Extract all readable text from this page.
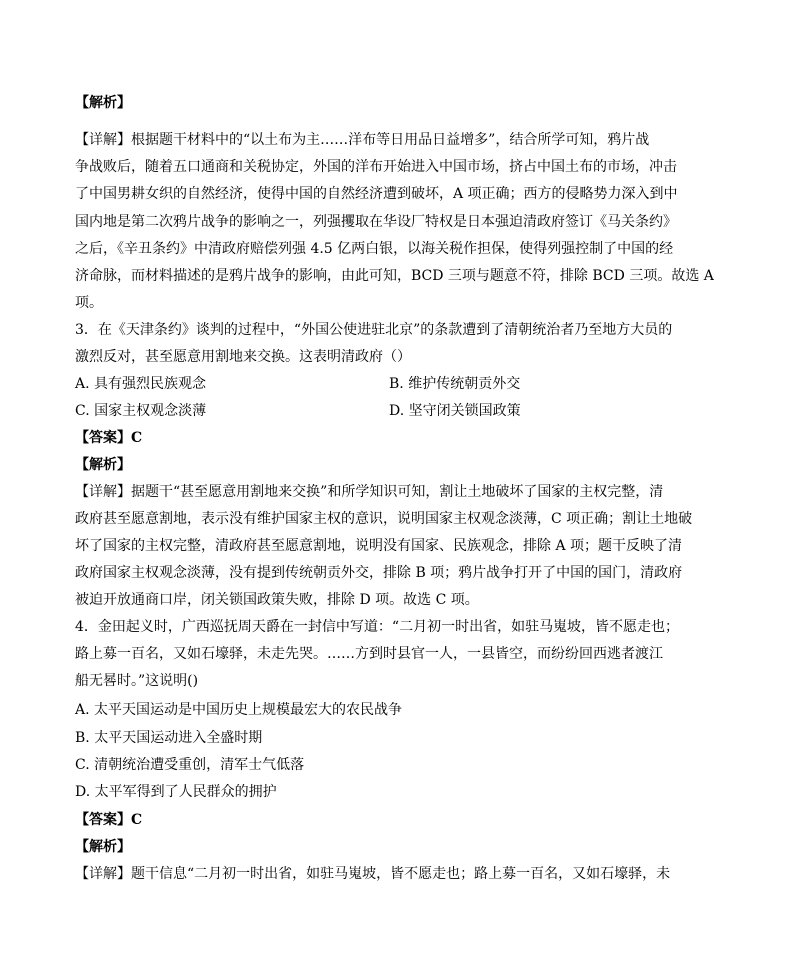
【解析】
【详解】根据题干材料中的“以土布为主……洋布等日用品日益增多”，结合所学可知，鸦片战
争战败后，随着五口通商和关税协定，外国的洋布开始进入中国市场，挤占中国土布的市场，冲击
了中国男耕女织的自然经济，使得中国的自然经济遭到破坏，A 项正确；西方的侵略势力深入到中
国内地是第二次鸦片战争的影响之一，列强攫取在华设厂特权是日本强迫清政府签订《马关条约》
之后，《辛丑条约》中清政府赔偿列强 4.5 亿两白银，以海关税作担保，使得列强控制了中国的经
济命脉，而材料描述的是鸦片战争的影响，由此可知，BCD 三项与题意不符，排除 BCD 三项。故选 A
项。
3．在《天津条约》谈判的过程中，“外国公使进驻北京”的条款遭到了清朝统治者乃至地方大员的
激烈反对，甚至愿意用割地来交换。这表明清政府（）
A. 具有强烈民族观念	B. 维护传统朝贡外交
C. 国家主权观念淡薄	D. 坚守闭关锁国政策
【答案】C
【解析】
【详解】据题干“甚至愿意用割地来交换”和所学知识可知，割让土地破坏了国家的主权完整，清
政府甚至愿意割地，表示没有维护国家主权的意识，说明国家主权观念淡薄，C 项正确；割让土地破
坏了国家的主权完整，清政府甚至愿意割地，说明没有国家、民族观念，排除 A 项；题干反映了清
政府国家主权观念淡薄，没有提到传统朝贡外交，排除 B 项；鸦片战争打开了中国的国门，清政府
被迫开放通商口岸，闭关锁国政策失败，排除 D 项。故选 C 项。
4．金田起义时，广西巡抚周天爵在一封信中写道：“二月初一时出省，如驻马嵬坡，皆不愿走也；
路上募一百名，又如石壕驿，未走先哭。……方到时县官一人，一县皆空，而纷纷回西逃者渡江
船无晷时。”这说明()
A. 太平天国运动是中国历史上规模最宏大的农民战争
B. 太平天国运动进入全盛时期
C. 清朝统治遭受重创，清军士气低落
D. 太平军得到了人民群众的拥护
【答案】C
【解析】
【详解】题干信息“二月初一时出省，如驻马嵬坡，皆不愿走也；路上募一百名，又如石壕驿，未
